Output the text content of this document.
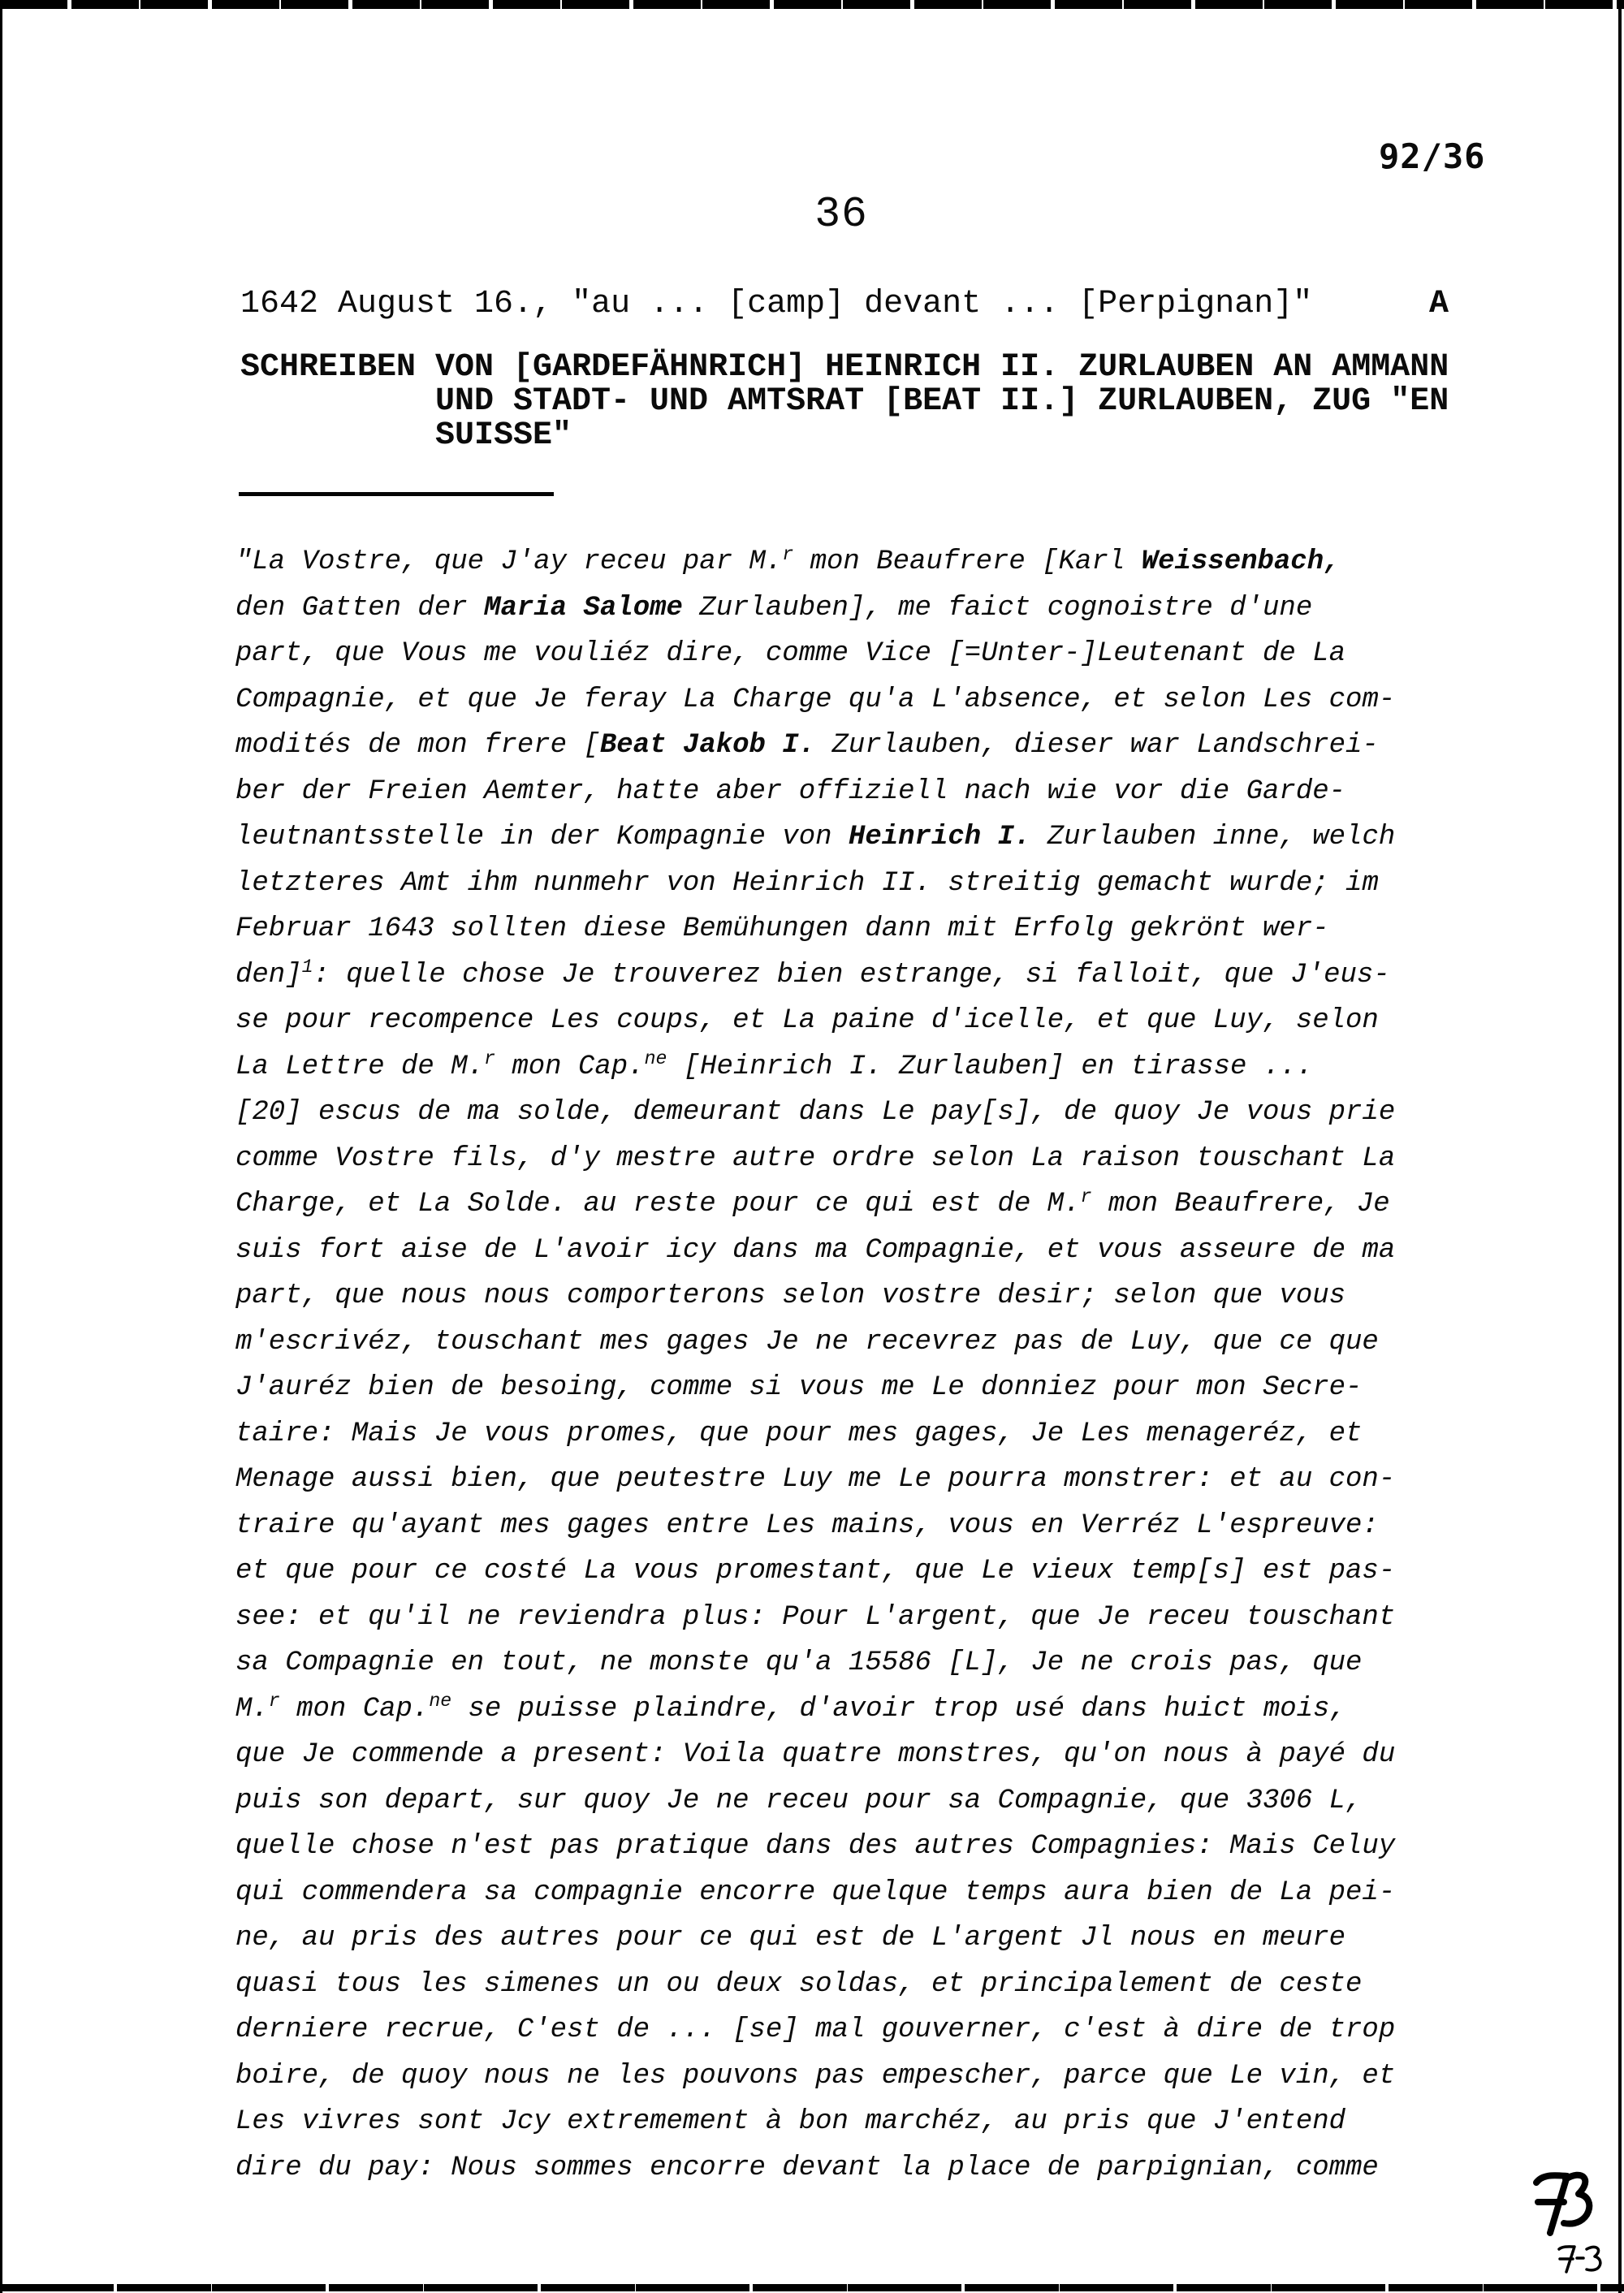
92/36
36
1642 August 16., "au ... [camp] devant ... [Perpignan]"	A
SCHREIBEN VON [GARDEFÄHNRICH] HEINRICH II. ZURLAUBEN AN AMMANN
UND STADT- UND AMTSRAT [BEAT II.] ZURLAUBEN, ZUG "EN
SUISSE"
"La Vostre, que J'ay receu par M.$^r$ mon Beaufrere [Karl Weissenbach,
den Gatten der Maria Salome Zurlauben], me faict cognoistre d'une
part, que Vous me vouliéz dire, comme Vice [=Unter-]Leutenant de La
Compagnie, et que Je feray La Charge qu'a L'absence, et selon Les com-
modités de mon frere [Beat Jakob I. Zurlauben, dieser war Landschrei-
ber der Freien Aemter, hatte aber offiziell nach wie vor die Garde-
leutnantsstelle in der Kompagnie von Heinrich I. Zurlauben inne, welch
letzteres Amt ihm nunmehr von Heinrich II. streitig gemacht wurde; im
Februar 1643 sollten diese Bemühungen dann mit Erfolg gekrönt wer-
den]$^1$: quelle chose Je trouverez bien estrange, si falloit, que J'eus-
se pour recompence Les coups, et La paine d'icelle, et que Luy, selon
La Lettre de M.$^r$ mon Cap.$^{ne}$ [Heinrich I. Zurlauben] en tirasse ...
[20] escus de ma solde, demeurant dans Le pay[s], de quoy Je vous prie
comme Vostre fils, d'y mestre autre ordre selon La raison touschant La
Charge, et La Solde. au reste pour ce qui est de M.$^r$ mon Beaufrere, Je
suis fort aise de L'avoir icy dans ma Compagnie, et vous asseure de ma
part, que nous nous comporterons selon vostre desir; selon que vous
m'escrivéz, touschant mes gages Je ne recevrez pas de Luy, que ce que
J'auréz bien de besoing, comme si vous me Le donniez pour mon Secre-
taire: Mais Je vous promes, que pour mes gages, Je Les menageréz, et
Menage aussi bien, que peutestre Luy me Le pourra monstrer: et au con-
traire qu'ayant mes gages entre Les mains, vous en Verréz L'espreuve:
et que pour ce costé La vous promestant, que Le vieux temp[s] est pas-
see: et qu'il ne reviendra plus: Pour L'argent, que Je receu touschant
sa Compagnie en tout, ne monste qu'a 15586 [L], Je ne crois pas, que
M.$^r$ mon Cap.$^{ne}$ se puisse plaindre, d'avoir trop usé dans huict mois,
que Je commende a present: Voila quatre monstres, qu'on nous à payé du
puis son depart, sur quoy Je ne receu pour sa Compagnie, que 3306 L,
quelle chose n'est pas pratique dans des autres Compagnies: Mais Celuy
qui commendera sa compagnie encorre quelque temps aura bien de La pei-
ne, au pris des autres pour ce qui est de L'argent Jl nous en meure
quasi tous les simenes un ou deux soldas, et principalement de ceste
derniere recrue, C'est de ... [se] mal gouverner, c'est à dire de trop
boire, de quoy nous ne les pouvons pas empescher, parce que Le vin, et
Les vivres sont Jcy extremement à bon marchéz, au pris que J'entend
dire du pay: Nous sommes encorre devant la place de parpignian, comme
